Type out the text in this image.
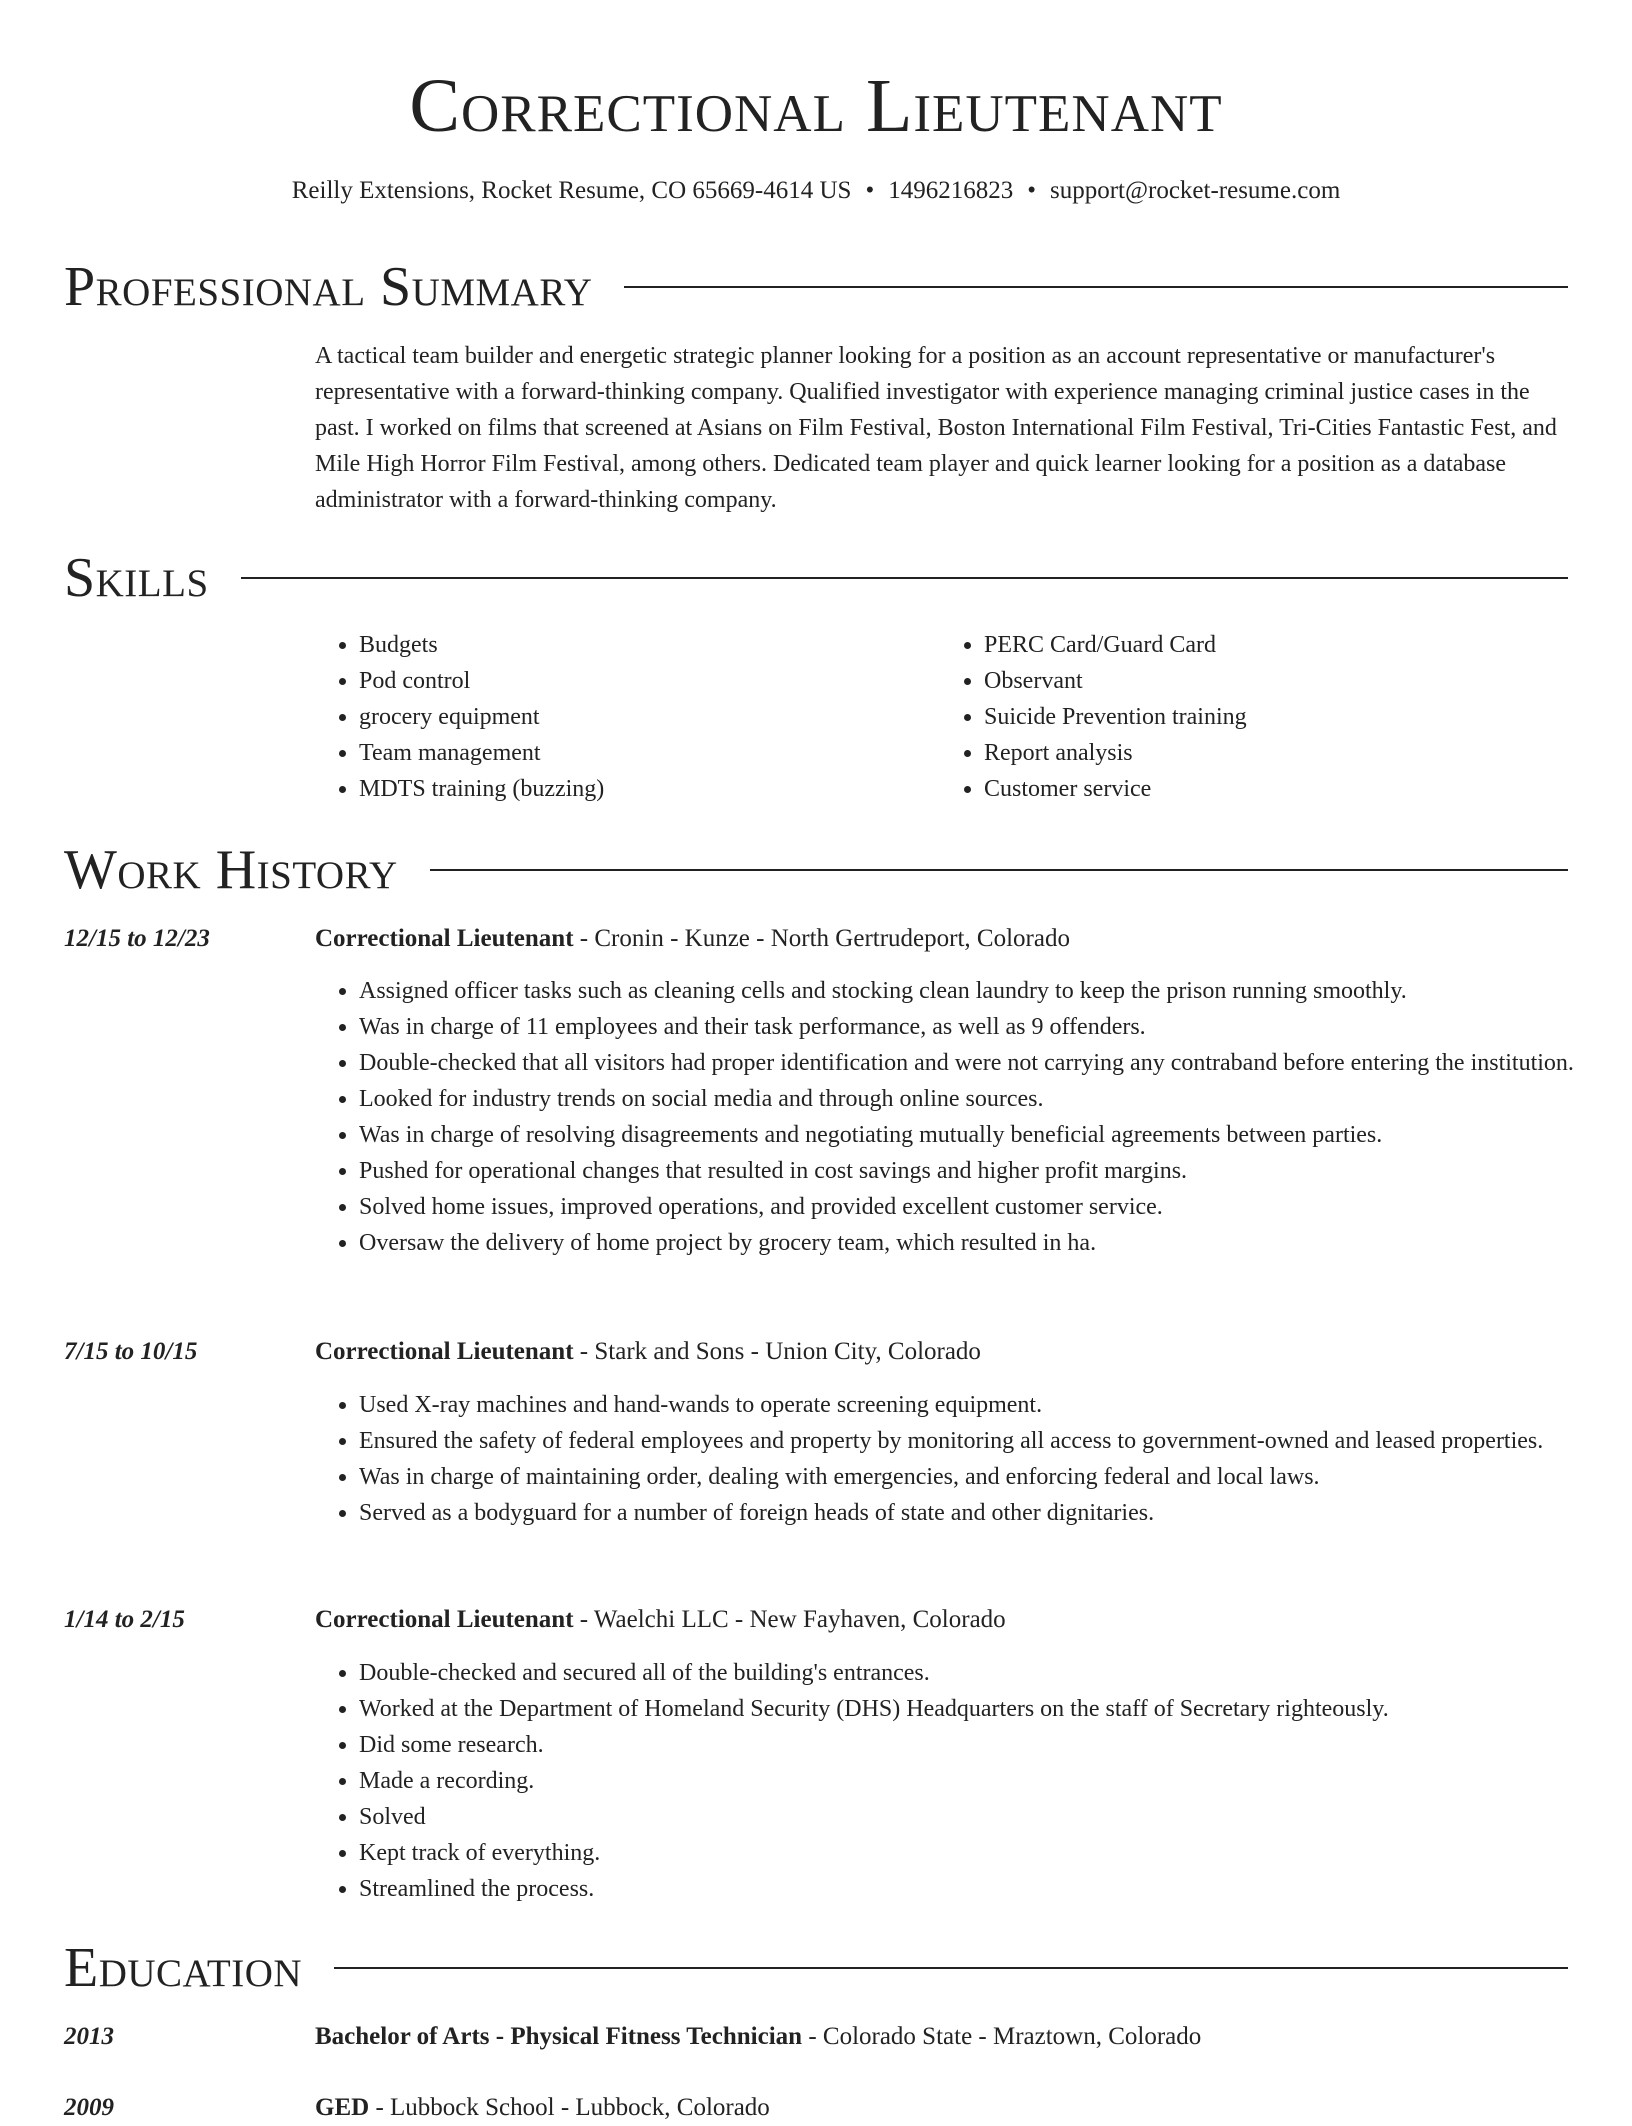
Correctional Lieutenant
Reilly Extensions, Rocket Resume, CO 65669-4614 US • 1496216823 • support@rocket-resume.com
Professional Summary

A tactical team builder and energetic strategic planner looking for a position as an account representative or manufacturer's representative with a forward-thinking company. Qualified investigator with experience managing criminal justice cases in the past. I worked on films that screened at Asians on Film Festival, Boston International Film Festival, Tri-Cities Fantastic Fest, and Mile High Horror Film Festival, among others. Dedicated team player and quick learner looking for a position as a database administrator with a forward-thinking company.

Skills
• Budgets
• Pod control
• grocery equipment
• Team management
• MDTS training (buzzing)
• PERC Card/Guard Card
• Observant
• Suicide Prevention training
• Report analysis
• Customer service
Work History
12/15 to 12/23	Correctional Lieutenant - Cronin - Kunze - North Gertrudeport, Colorado
• Assigned officer tasks such as cleaning cells and stocking clean laundry to keep the prison running smoothly.
• Was in charge of 11 employees and their task performance, as well as 9 offenders.
• Double-checked that all visitors had proper identification and were not carrying any contraband before entering the institution.
• Looked for industry trends on social media and through online sources.
• Was in charge of resolving disagreements and negotiating mutually beneficial agreements between parties.
• Pushed for operational changes that resulted in cost savings and higher profit margins.
• Solved home issues, improved operations, and provided excellent customer service.
• Oversaw the delivery of home project by grocery team, which resulted in ha.
7/15 to 10/15	Correctional Lieutenant - Stark and Sons - Union City, Colorado
• Used X-ray machines and hand-wands to operate screening equipment.
• Ensured the safety of federal employees and property by monitoring all access to government-owned and leased properties.
• Was in charge of maintaining order, dealing with emergencies, and enforcing federal and local laws.
• Served as a bodyguard for a number of foreign heads of state and other dignitaries.
1/14 to 2/15	Correctional Lieutenant - Waelchi LLC - New Fayhaven, Colorado
• Double-checked and secured all of the building's entrances.
• Worked at the Department of Homeland Security (DHS) Headquarters on the staff of Secretary righteously.
• Did some research.
• Made a recording.
• Solved
• Kept track of everything.
• Streamlined the process.
Education
2013	Bachelor of Arts - Physical Fitness Technician - Colorado State - Mraztown, Colorado
2009	GED - Lubbock School - Lubbock, Colorado
